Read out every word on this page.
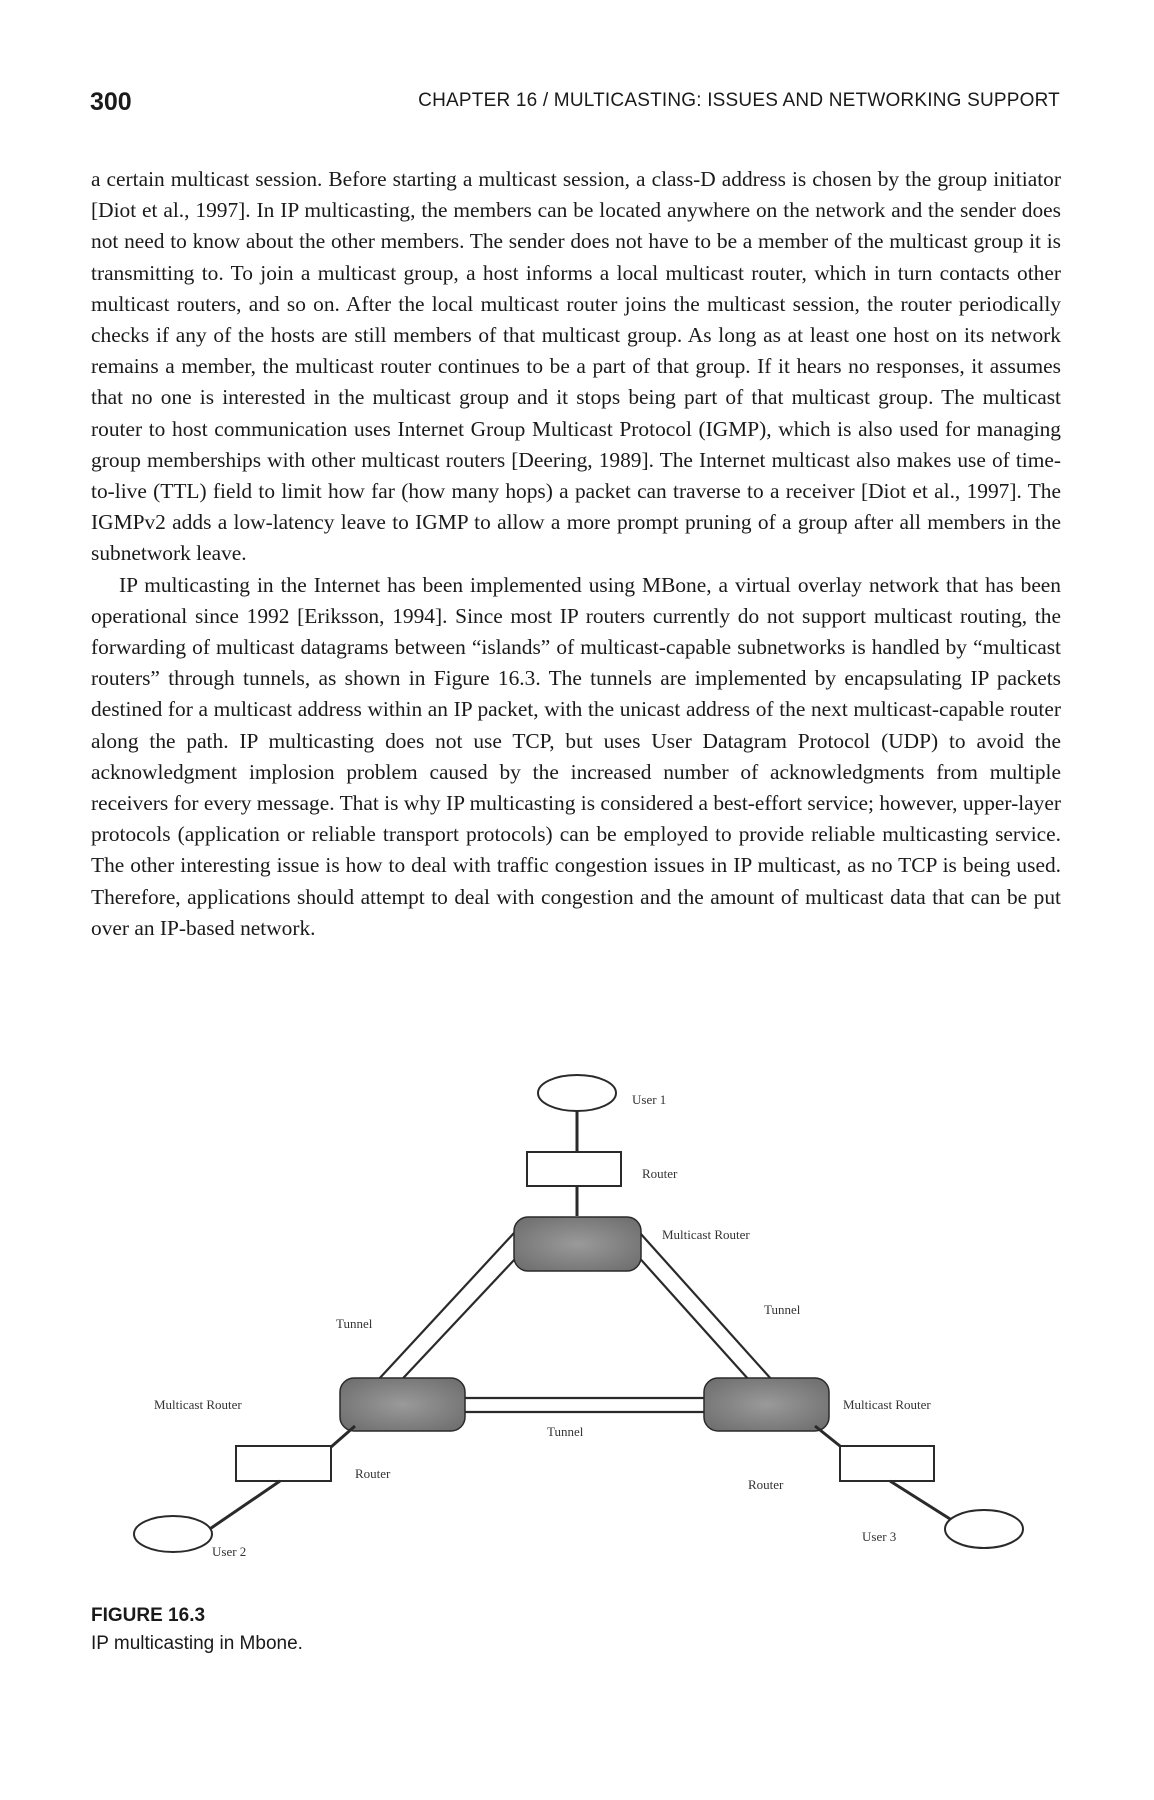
300	CHAPTER 16 / MULTICASTING: ISSUES AND NETWORKING SUPPORT

a certain multicast session. Before starting a multicast session, a class-D address is chosen by the group initiator [Diot et al., 1997]. In IP multicasting, the members can be located anywhere on the network and the sender does not need to know about the other members. The sender does not have to be a member of the multicast group it is transmitting to. To join a multicast group, a host informs a local multicast router, which in turn contacts other multicast routers, and so on. After the local multicast router joins the multicast session, the router periodically checks if any of the hosts are still members of that multicast group. As long as at least one host on its network remains a member, the multicast router continues to be a part of that group. If it hears no responses, it assumes that no one is interested in the multicast group and it stops being part of that multicast group. The multicast router to host communication uses Internet Group Multicast Protocol (IGMP), which is also used for managing group memberships with other multicast routers [Deering, 1989]. The Internet multicast also makes use of time-to-live (TTL) field to limit how far (how many hops) a packet can traverse to a receiver [Diot et al., 1997]. The IGMPv2 adds a low-latency leave to IGMP to allow a more prompt pruning of a group after all members in the subnetwork leave.

IP multicasting in the Internet has been implemented using MBone, a virtual overlay network that has been operational since 1992 [Eriksson, 1994]. Since most IP routers currently do not support multicast routing, the forwarding of multicast datagrams between “islands” of multicast-capable subnetworks is handled by “multicast routers” through tunnels, as shown in Figure 16.3. The tunnels are implemented by encapsulating IP packets destined for a multicast address within an IP packet, with the unicast address of the next multicast-capable router along the path. IP multicasting does not use TCP, but uses User Datagram Protocol (UDP) to avoid the acknowledgment implosion problem caused by the increased number of acknowledgments from multiple receivers for every message. That is why IP multicasting is considered a best-effort service; however, upper-layer protocols (application or reliable transport protocols) can be employed to provide reliable multicasting service. The other interesting issue is how to deal with traffic congestion issues in IP multicast, as no TCP is being used. Therefore, applications should attempt to deal with congestion and the amount of multicast data that can be put over an IP-based network.

User 1
Router
Multicast Router
Tunnel
Tunnel
Multicast Router	Multicast Router
Tunnel
Router
User 2
Router
User 3
FIGURE 16.3
IP multicasting in Mbone.
